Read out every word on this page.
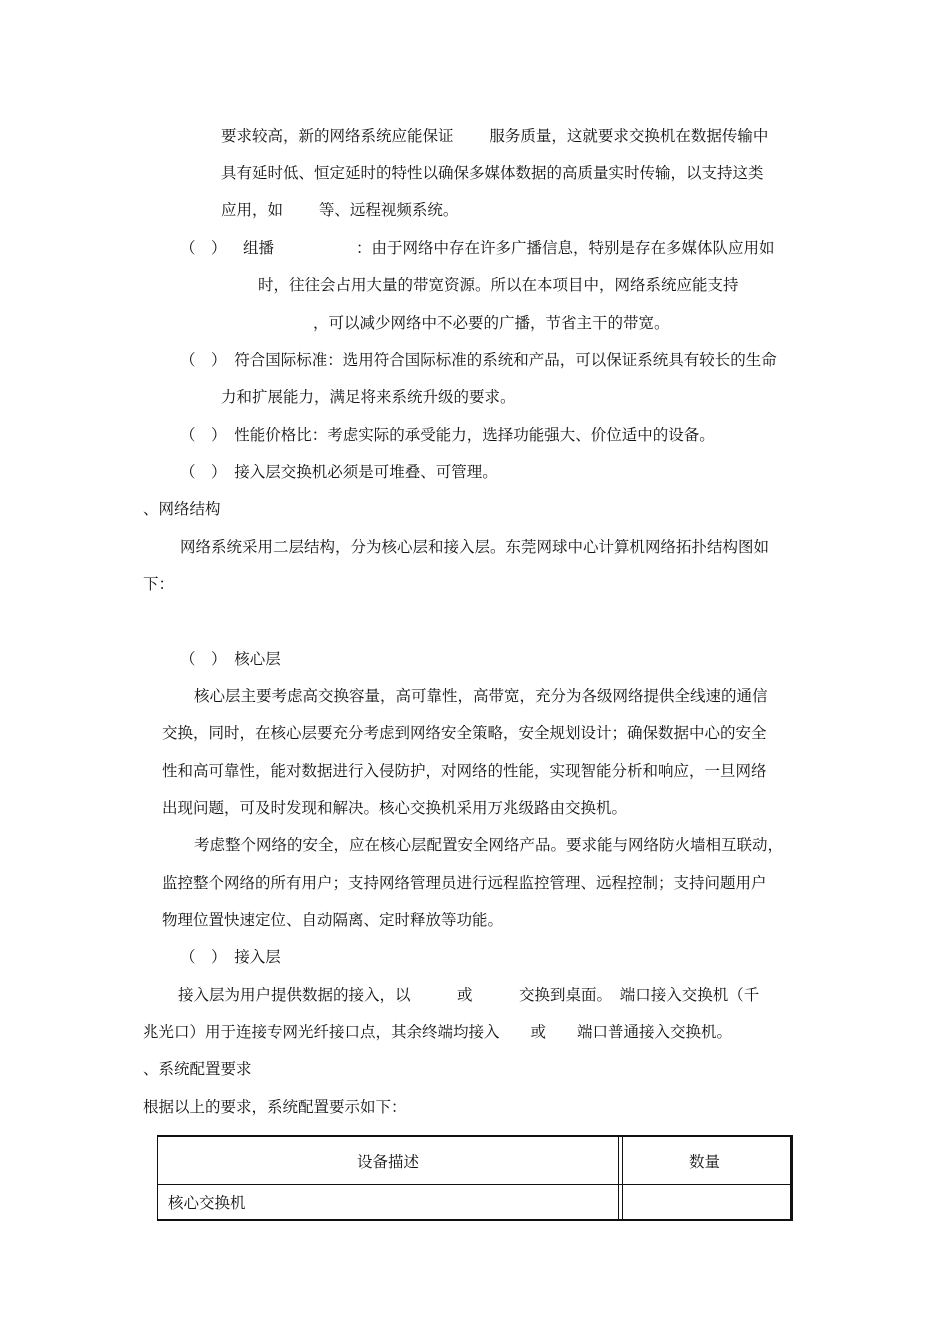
要求较高，新的网络系统应能保证　　 服务质量，这就要求交换机在数据传输中
具有延时低、恒定延时的特性以确保多媒体数据的高质量实时传输，以支持这类
应用，如　　 等、远程视频系统。
（　） 组播	：由于网络中存在许多广播信息，特别是存在多媒体队应用如
时，往往会占用大量的带宽资源。所以在本项目中，网络系统应能支持
，可以减少网络中不必要的广播，节省主干的带宽。
（　）　符合国际标准：选用符合国际标准的系统和产品，可以保证系统具有较长的生命
力和扩展能力，满足将来系统升级的要求。
（　）　性能价格比：考虑实际的承受能力，选择功能强大、价位适中的设备。
（　）　接入层交换机必须是可堆叠、可管理。
、网络结构
网络系统采用二层结构，分为核心层和接入层。东莞网球中心计算机网络拓扑结构图如
下：
（　）　核心层
核心层主要考虑高交换容量，高可靠性，高带宽，充分为各级网络提供全线速的通信
交换，同时，在核心层要充分考虑到网络安全策略，安全规划设计；确保数据中心的安全
性和高可靠性，能对数据进行入侵防护，对网络的性能，实现智能分析和响应，一旦网络
出现问题，可及时发现和解决。核心交换机采用万兆级路由交换机。
考虑整个网络的安全，应在核心层配置安全网络产品。要求能与网络防火墙相互联动，
监控整个网络的所有用户；支持网络管理员进行远程监控管理、远程控制；支持问题用户
物理位置快速定位、自动隔离、定时释放等功能。
（　）　接入层
接入层为用户提供数据的接入，以　　　或　　　交换到桌面。　端口接入交换机（千
兆光口）用于连接专网光纤接口点，其余终端均接入　　或　　端口普通接入交换机。
、系统配置要求
根据以上的要求，系统配置要示如下：
设备描述	数量
核心交换机
